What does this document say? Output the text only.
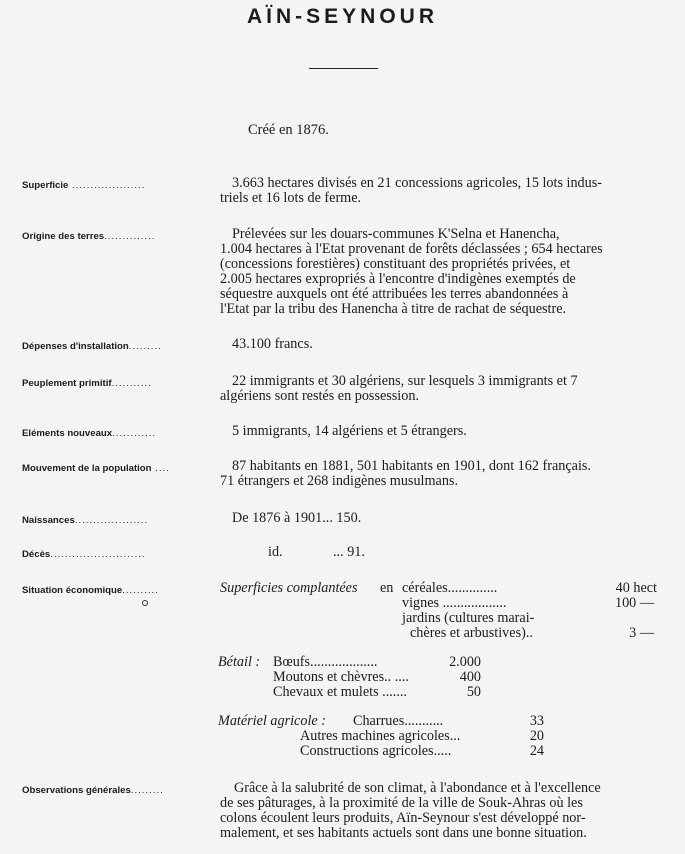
AÏN-SEYNOUR
Créé en 1876.
Superficie ....................	3.663 hectares divisés en 21 concessions agricoles, 15 lots indus-
triels et 16 lots de ferme.
Origine des terres..............	Prélevées sur les douars-communes K'Selna et Hanencha,
1.004 hectares à l'Etat provenant de forêts déclassées ; 654 hectares
(concessions forestières) constituant des propriétés privées, et
2.005 hectares expropriés à l'encontre d'indigènes exemptés de
séquestre auxquels ont été attribuées les terres abandonnées à
l'Etat par la tribu des Hanencha à titre de rachat de séquestre.
Dépenses d'installation.........	43.100 francs.
Peuplement primitif...........	22 immigrants et 30 algériens, sur lesquels 3 immigrants et 7
algériens sont restés en possession.
Eléments nouveaux............	5 immigrants, 14 algériens et 5 étrangers.
Mouvement de la population ....	87 habitants en 1881, 501 habitants en 1901, dont 162 français.
71 étrangers et 268 indigènes musulmans.
Naissances....................	De 1876 à 1901... 150.
Décès..........................	id.	... 91.
Situation économique..........	Superficies complantées en céréales..............	40 hect
vignes ..................	100 —
jardins (cultures marai-
chères et arbustives)..	3 —
Bétail : Bœufs...................	2.000
Moutons et chèvres.. ....	400
Chevaux et mulets .......	50
Matériel agricole : Charrues...........	33
Autres machines agricoles...	20
Constructions agricoles.....	24
Observations générales.........	Grâce à la salubrité de son climat, à l'abondance et à l'excellence
de ses pâturages, à la proximité de la ville de Souk-Ahras où les
colons écoulent leurs produits, Aïn-Seynour s'est développé nor-
malement, et ses habitants actuels sont dans une bonne situation.
